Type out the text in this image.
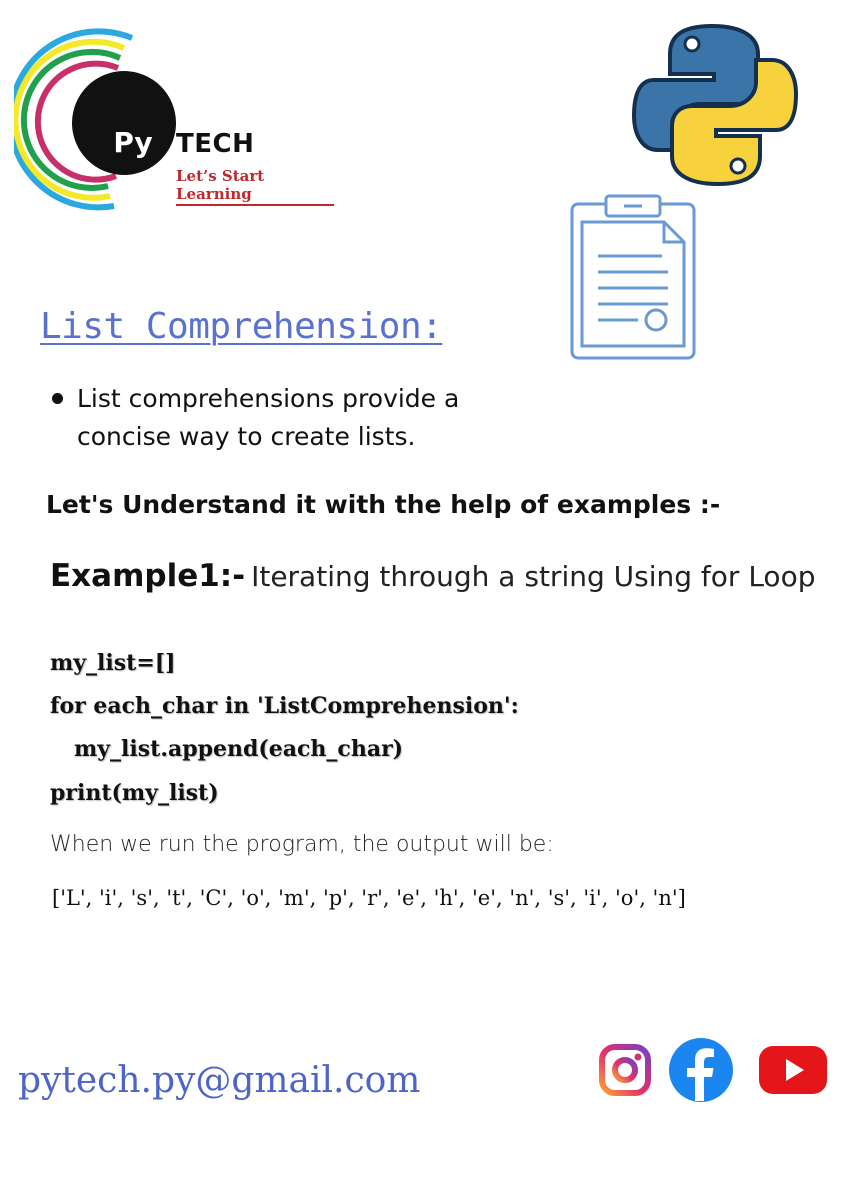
Py TECH
Let’s Start Learning
List Comprehension:
List comprehensions provide a concise way to create lists.
Let's Understand it with the help of examples :-
Example1:- Iterating through a string Using for Loop
my_list=[]
for each_char in 'ListComprehension':
my_list.append(each_char)
print(my_list)
When we run the program, the output will be:
['L', 'i', 's', 't', 'C', 'o', 'm', 'p', 'r', 'e', 'h', 'e', 'n', 's', 'i', 'o', 'n']
pytech.py@gmail.com
